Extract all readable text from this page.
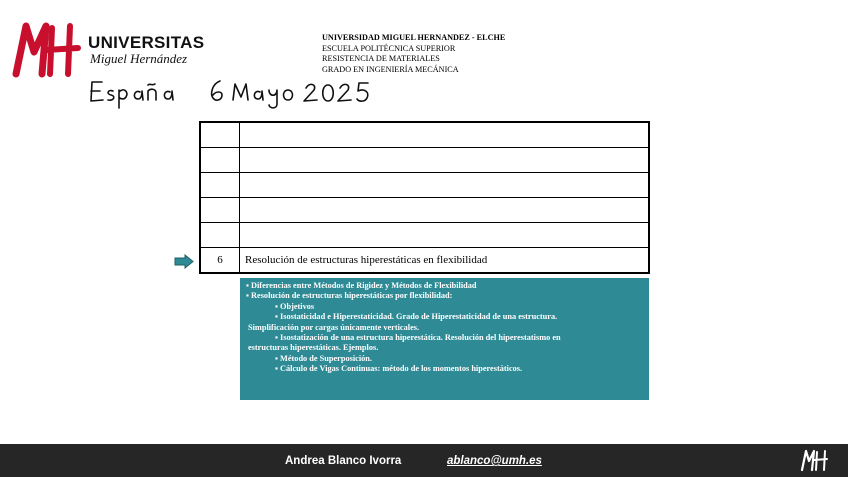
UNIVERSITAS
Miguel Hernández
UNIVERSIDAD MIGUEL HERNANDEZ - ELCHE
ESCUELA POLITÉCNICA SUPERIOR
RESISTENCIA DE MATERIALES
GRADO EN INGENIERÍA MECÁNICA

6	Resolución de estructuras hiperestáticas en flexibilidad
▪ Diferencias entre Métodos de Rigidez y Métodos de Flexibilidad
▪ Resolución de estructuras hiperestáticas por flexibilidad:
▪ Objetivos
▪ Isostaticidad e Hiperestaticidad. Grado de Hiperestaticidad de una estructura.
Simplificación por cargas únicamente verticales.
▪ Isostatización de una estructura hiperestática. Resolución del hiperestatismo en
estructuras hiperestáticas. Ejemplos.
▪ Método de Superposición.
▪ Cálculo de Vigas Continuas: método de los momentos hiperestáticos.
Andrea Blanco Ivorra	ablanco@umh.es
